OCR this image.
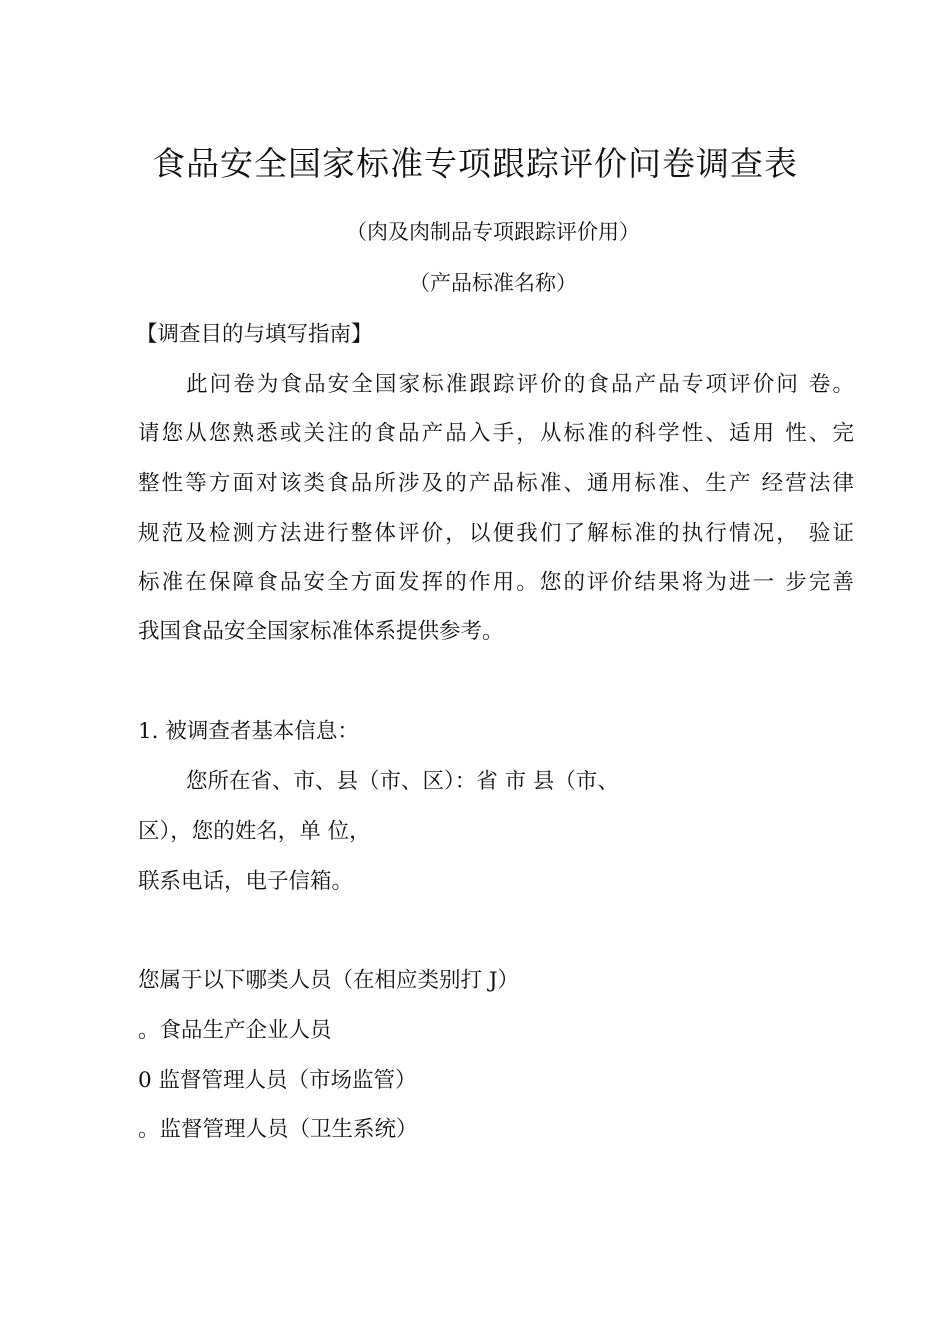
食品安全国家标准专项跟踪评价问卷调查表
（肉及肉制品专项跟踪评价用）
（产品标准名称）
【调查目的与填写指南】
此问卷为食品安全国家标准跟踪评价的食品产品专项评价问 卷。
请您从您熟悉或关注的食品产品入手，从标准的科学性、适用 性、完
整性等方面对该类食品所涉及的产品标准、通用标准、生产 经营法律
规范及检测方法进行整体评价，以便我们了解标准的执行情况， 验证
标准在保障食品安全方面发挥的作用。您的评价结果将为进一 步完善
我国食品安全国家标准体系提供参考。
1. 被调查者基本信息：
您所在省、市、县（市、区）：省 市 县（市、
区），您的姓名，单 位，
联系电话，电子信箱。
您属于以下哪类人员（在相应类别打 J）
。食品生产企业人员
0 监督管理人员（市场监管）
。监督管理人员（卫生系统）
